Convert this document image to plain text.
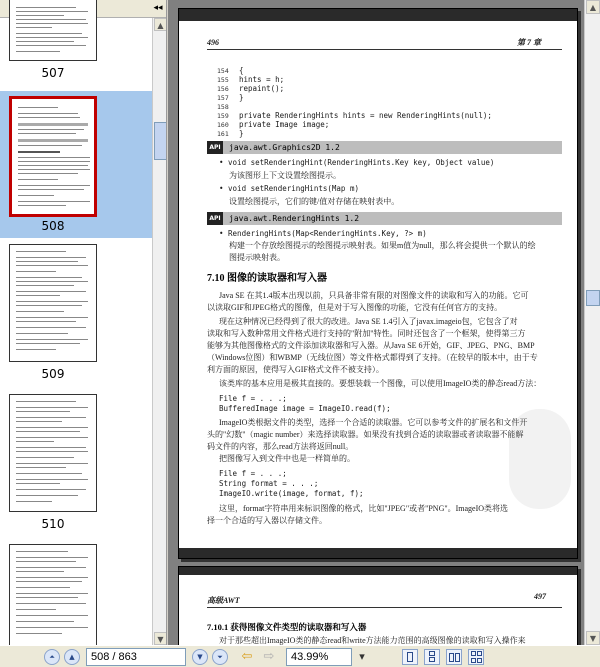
◂◂
507
508
509
510
▲
▼
496	第 7 章
154 {
155 hints = h;
156 repaint();
157 }
158
159 private RenderingHints hints = new RenderingHints(null);
160 private Image image;
161 }
API java.awt.Graphics2D 1.2
• void setRenderingHint(RenderingHints.Key key, Object value)
为该图形上下文设置绘图提示。
• void setRenderingHints(Map m)
设置绘图提示，它们的键/值对存储在映射表中。
API java.awt.RenderingHints 1.2
• RenderingHints(Map<RenderingHints.Key, ?> m)
构建一个存放绘图提示的绘图提示映射表。如果m值为null，那么将会提供一个默认的绘
图提示映射表。
7.10 图像的读取器和写入器
Java SE 在其1.4版本出现以前，只具备非常有限的对图像文件的读取和写入的功能。它可
以读取GIF和JPEG格式的图像，但是对于写入图像的功能，它没有任何官方的支持。
现在这种情况已经得到了很大的改进。Java SE 1.4引入了javax.imageio包，它包含了对
读取和写入数种常用文件格式进行支持的"附加"特性。同时还包含了一个框架，使得第三方
能够为其他图像格式的文件添加读取器和写入器。从Java SE 6开始，GIF、JPEG、PNG、BMP
（Windows位图）和WBMP（无线位图）等文件格式都得到了支持。（在较早的版本中，由于专
利方面的原因，使得写入GIF格式文件不被支持）。
该类库的基本应用是极其直接的。要想装载一个图像，可以使用ImageIO类的静态read方法：
File f = . . .;
BufferedImage image = ImageIO.read(f);
ImageIO类根据文件的类型，选择一个合适的读取器。它可以参考文件的扩展名和文件开
头的"幻数"（magic number）来选择读取器。如果没有找到合适的读取器或者读取器不能解
码文件的内容，那么read方法将返回null。
把图像写入到文件中也是一样简单的。
File f = . . .;
String format = . . .;
ImageIO.write(image, format, f);
这里，format字符串用来标识图像的格式，比如"JPEG"或者"PNG"。ImageIO类将选
择一个合适的写入器以存储文件。
高级AWT	497
7.10.1 获得图像文件类型的读取器和写入器
对于那些超出ImageIO类的静态read和write方法能力范围的高级图像的读取和写入操作来
▲
▼
⏶	▲	508 / 863	▼	⏷	⇦ ⇨	43.99%	▾
